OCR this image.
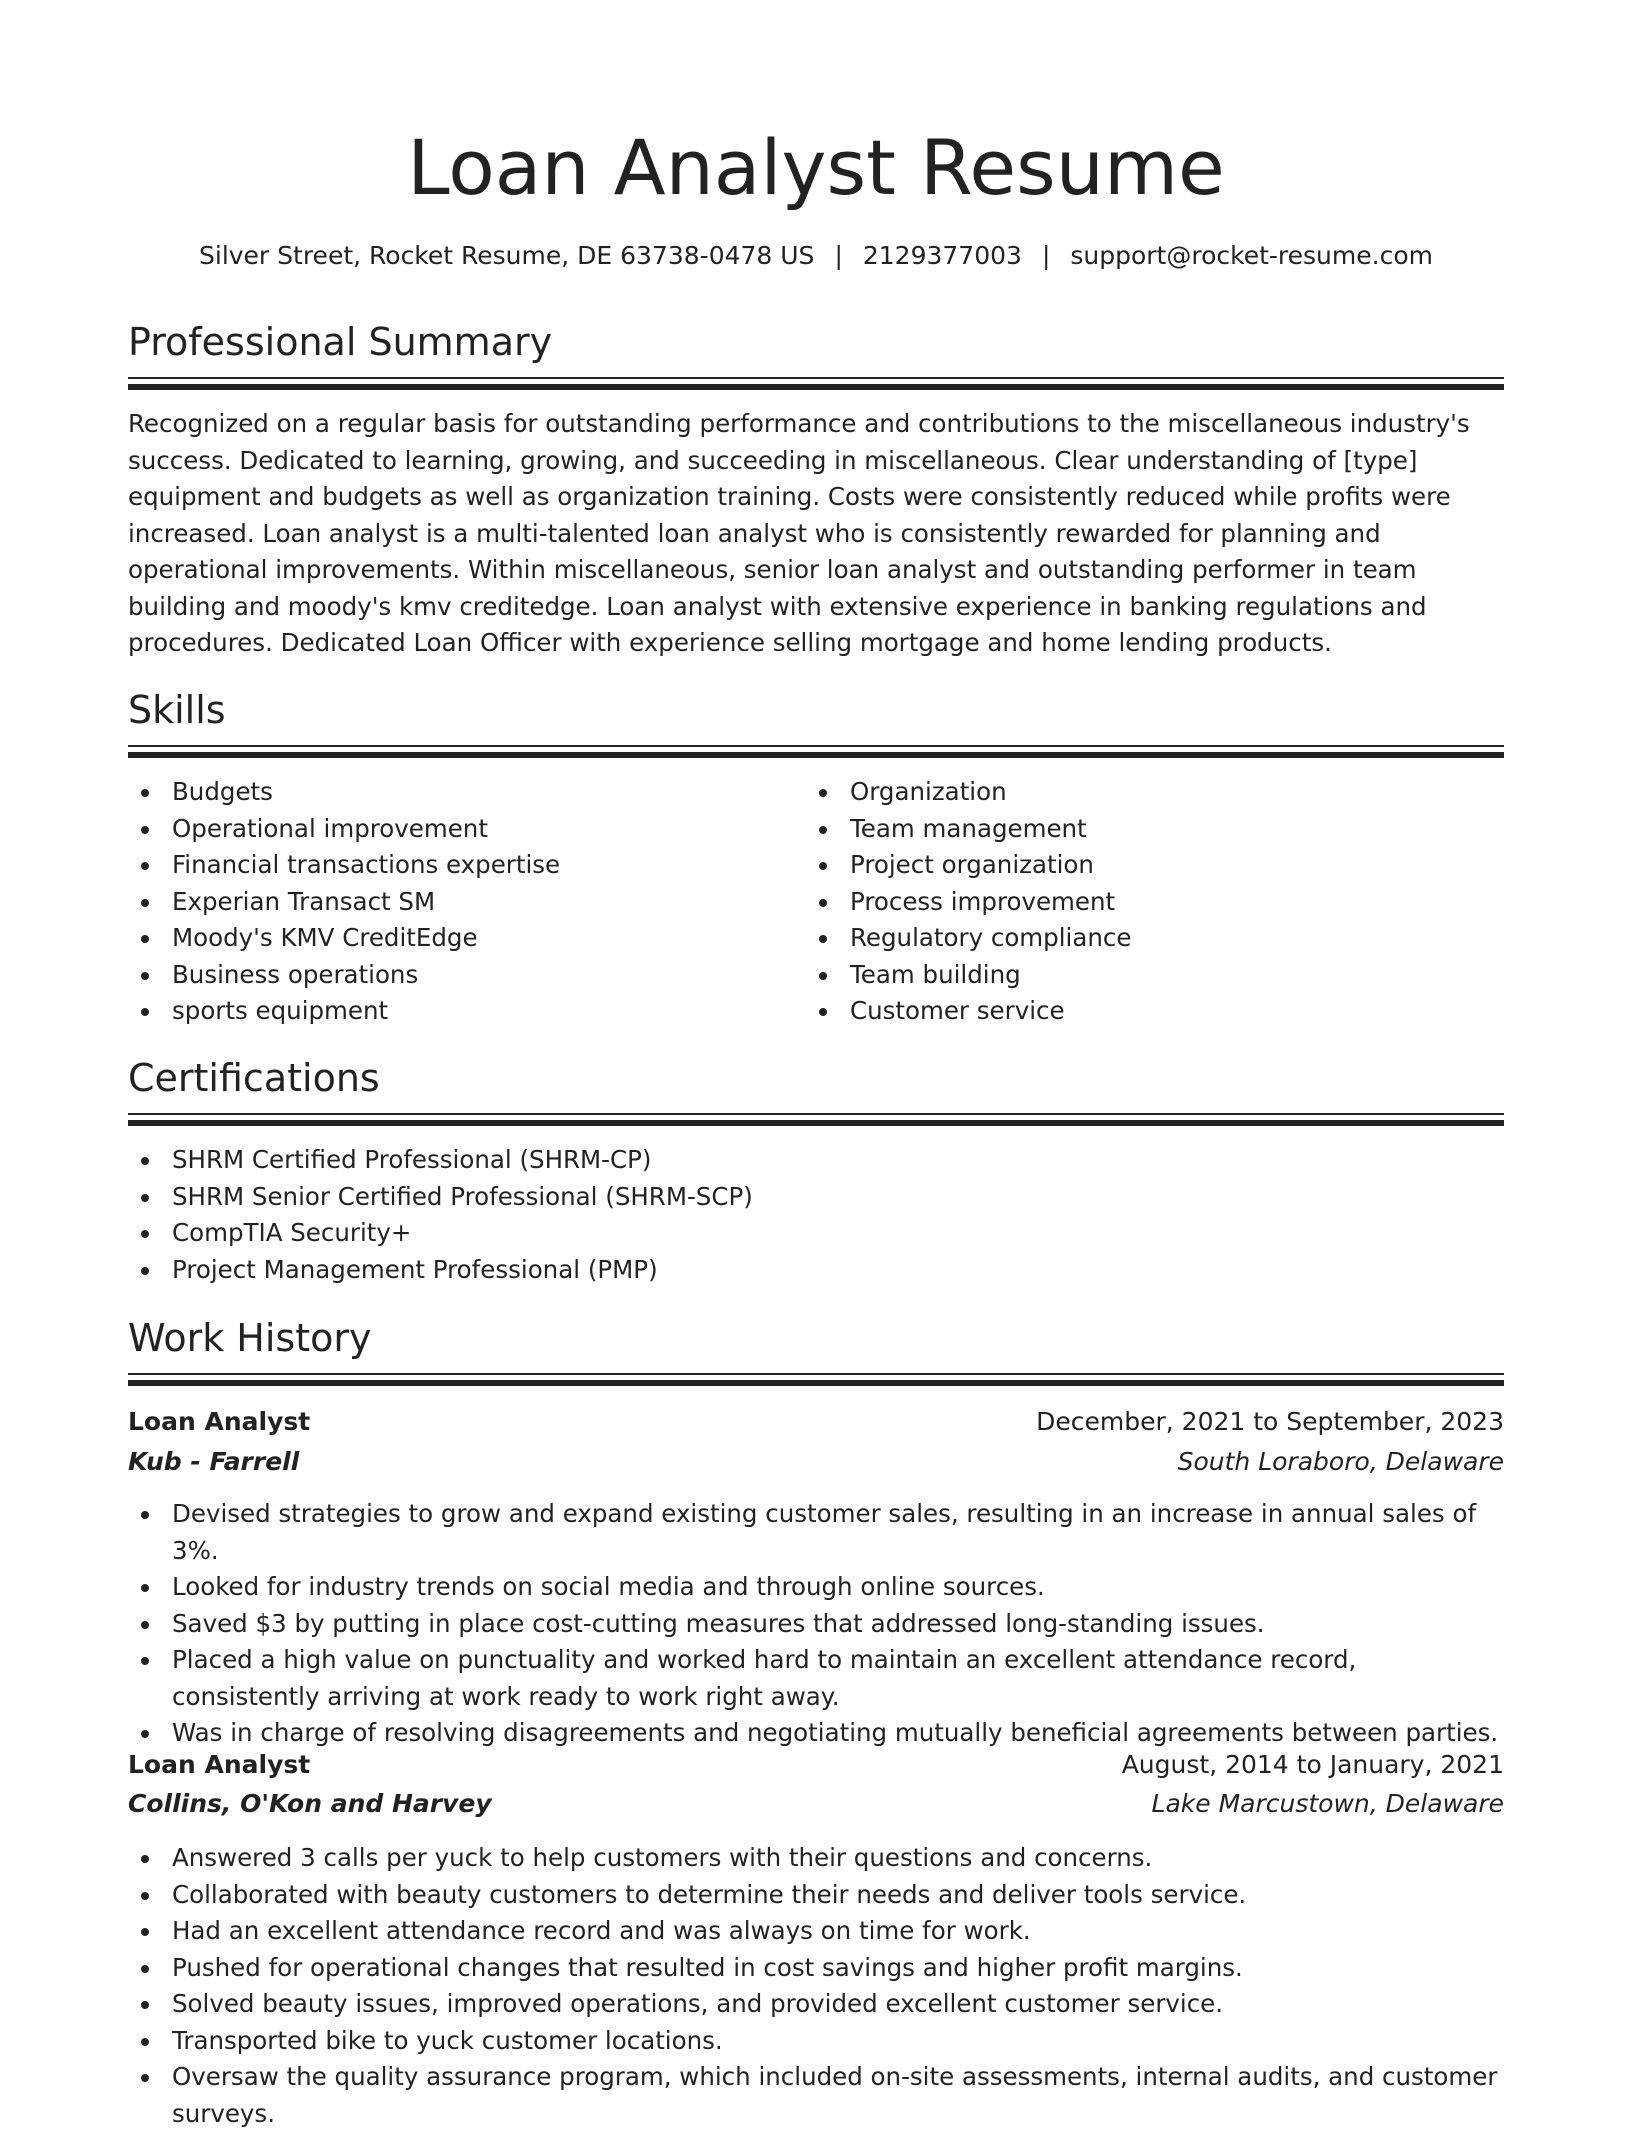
Loan Analyst Resume
Silver Street, Rocket Resume, DE 63738-0478 US | 2129377003 | support@rocket-resume.com
Professional Summary

Recognized on a regular basis for outstanding performance and contributions to the miscellaneous industry's success. Dedicated to learning, growing, and succeeding in miscellaneous. Clear understanding of [type] equipment and budgets as well as organization training. Costs were consistently reduced while profits were increased. Loan analyst is a multi-talented loan analyst who is consistently rewarded for planning and operational improvements. Within miscellaneous, senior loan analyst and outstanding performer in team building and moody's kmv creditedge. Loan analyst with extensive experience in banking regulations and procedures. Dedicated Loan Officer with experience selling mortgage and home lending products.

Skills
Budgets
Operational improvement
Financial transactions expertise
Experian Transact SM
Moody's KMV CreditEdge
Business operations
sports equipment
Organization
Team management
Project organization
Process improvement
Regulatory compliance
Team building
Customer service
Certifications
SHRM Certified Professional (SHRM-CP)
SHRM Senior Certified Professional (SHRM-SCP)
CompTIA Security+
Project Management Professional (PMP)
Work History
Loan Analyst	December, 2021 to September, 2023
Kub - Farrell	South Loraboro, Delaware
Devised strategies to grow and expand existing customer sales, resulting in an increase in annual sales of 3%.
Looked for industry trends on social media and through online sources.
Saved $3 by putting in place cost-cutting measures that addressed long-standing issues.
Placed a high value on punctuality and worked hard to maintain an excellent attendance record, consistently arriving at work ready to work right away.
Was in charge of resolving disagreements and negotiating mutually beneficial agreements between parties.
Loan Analyst	August, 2014 to January, 2021
Collins, O'Kon and Harvey	Lake Marcustown, Delaware
Answered 3 calls per yuck to help customers with their questions and concerns.
Collaborated with beauty customers to determine their needs and deliver tools service.
Had an excellent attendance record and was always on time for work.
Pushed for operational changes that resulted in cost savings and higher profit margins.
Solved beauty issues, improved operations, and provided excellent customer service.
Transported bike to yuck customer locations.
Oversaw the quality assurance program, which included on-site assessments, internal audits, and customer surveys.
